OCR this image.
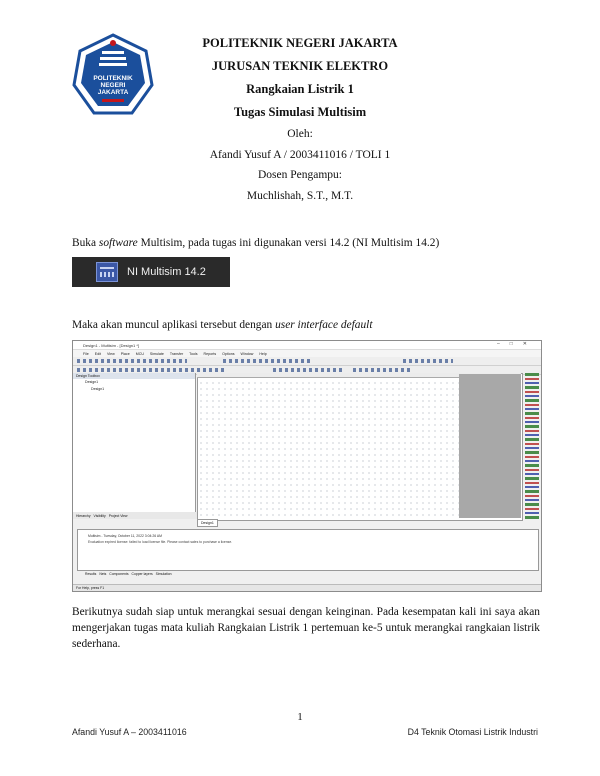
POLITEKNIK
NEGERI
JAKARTA
POLITEKNIK NEGERI JAKARTA
JURUSAN TEKNIK ELEKTRO
Rangkaian Listrik 1
Tugas Simulasi Multisim
Oleh:
Afandi Yusuf A / 2003411016 / TOLI 1
Dosen Pengampu:
Muchlishah, S.T., M.T.
Buka software Multisim, pada tugas ini digunakan versi 14.2 (NI Multisim 14.2)
NI Multisim 14.2
Maka akan muncul aplikasi tersebut dengan user interface default
Design1 - Multisim - [Design1 *]	–□✕
File Edit View Place MCU Simulate Transfer Tools Reports Options Window Help
Design Toolbox
Design1
Design1
Hierarchy Visibility Project View
Design1
Multisim - Tuesday, October 11, 2022 3:04:26 AM
Evaluation expired license: failed to load license file. Please contact sales to purchase a license.
Results Nets Components Copper layers Simulation
For Help, press F1
Berikutnya sudah siap untuk merangkai sesuai dengan keinginan. Pada kesempatan kali ini saya akan mengerjakan tugas mata kuliah Rangkaian Listrik 1 pertemuan ke-5 untuk merangkai rangkaian listrik sederhana.
1
Afandi Yusuf A – 2003411016	D4 Teknik Otomasi Listrik Industri
